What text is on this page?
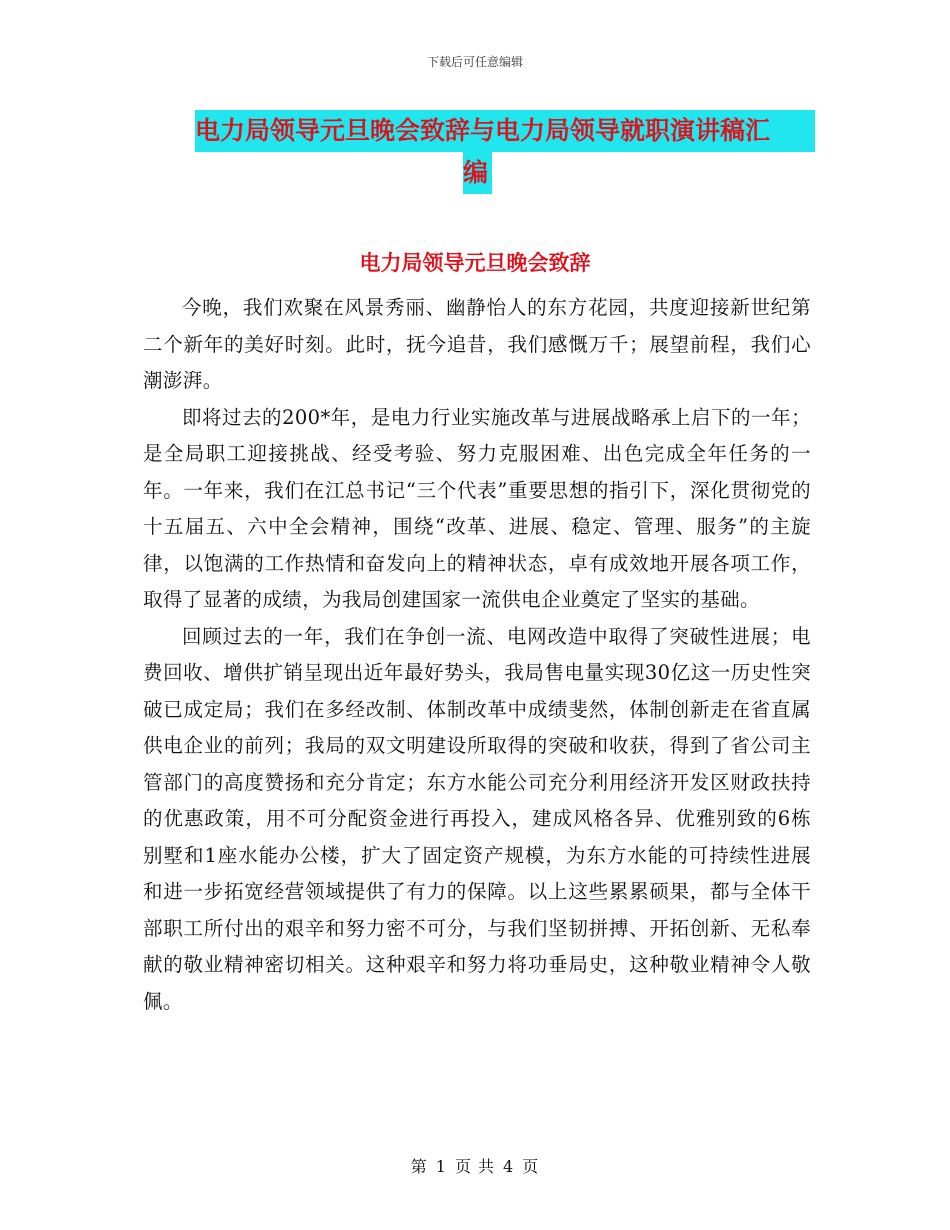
下载后可任意编辑
电力局领导元旦晚会致辞与电力局领导就职演讲稿汇
编
电力局领导元旦晚会致辞

今晚，我们欢聚在风景秀丽、幽静怡人的东方花园，共度迎接新世纪第二个新年的美好时刻。此时，抚今追昔，我们感慨万千；展望前程，我们心潮澎湃。

即将过去的200*年，是电力行业实施改革与进展战略承上启下的一年；是全局职工迎接挑战、经受考验、努力克服困难、出色完成全年任务的一年。一年来，我们在江总书记“三个代表”重要思想的指引下，深化贯彻党的十五届五、六中全会精神，围绕“改革、进展、稳定、管理、服务”的主旋律，以饱满的工作热情和奋发向上的精神状态，卓有成效地开展各项工作，取得了显著的成绩，为我局创建国家一流供电企业奠定了坚实的基础。

回顾过去的一年，我们在争创一流、电网改造中取得了突破性进展；电费回收、增供扩销呈现出近年最好势头，我局售电量实现30亿这一历史性突破已成定局；我们在多经改制、体制改革中成绩斐然，体制创新走在省直属供电企业的前列；我局的双文明建设所取得的突破和收获，得到了省公司主管部门的高度赞扬和充分肯定；东方水能公司充分利用经济开发区财政扶持的优惠政策，用不可分配资金进行再投入，建成风格各异、优雅别致的6栋别墅和1座水能办公楼，扩大了固定资产规模，为东方水能的可持续性进展和进一步拓宽经营领域提供了有力的保障。以上这些累累硕果，都与全体干部职工所付出的艰辛和努力密不可分，与我们坚韧拼搏、开拓创新、无私奉献的敬业精神密切相关。这种艰辛和努力将功垂局史，这种敬业精神令人敬佩。

第 1 页 共 4 页
